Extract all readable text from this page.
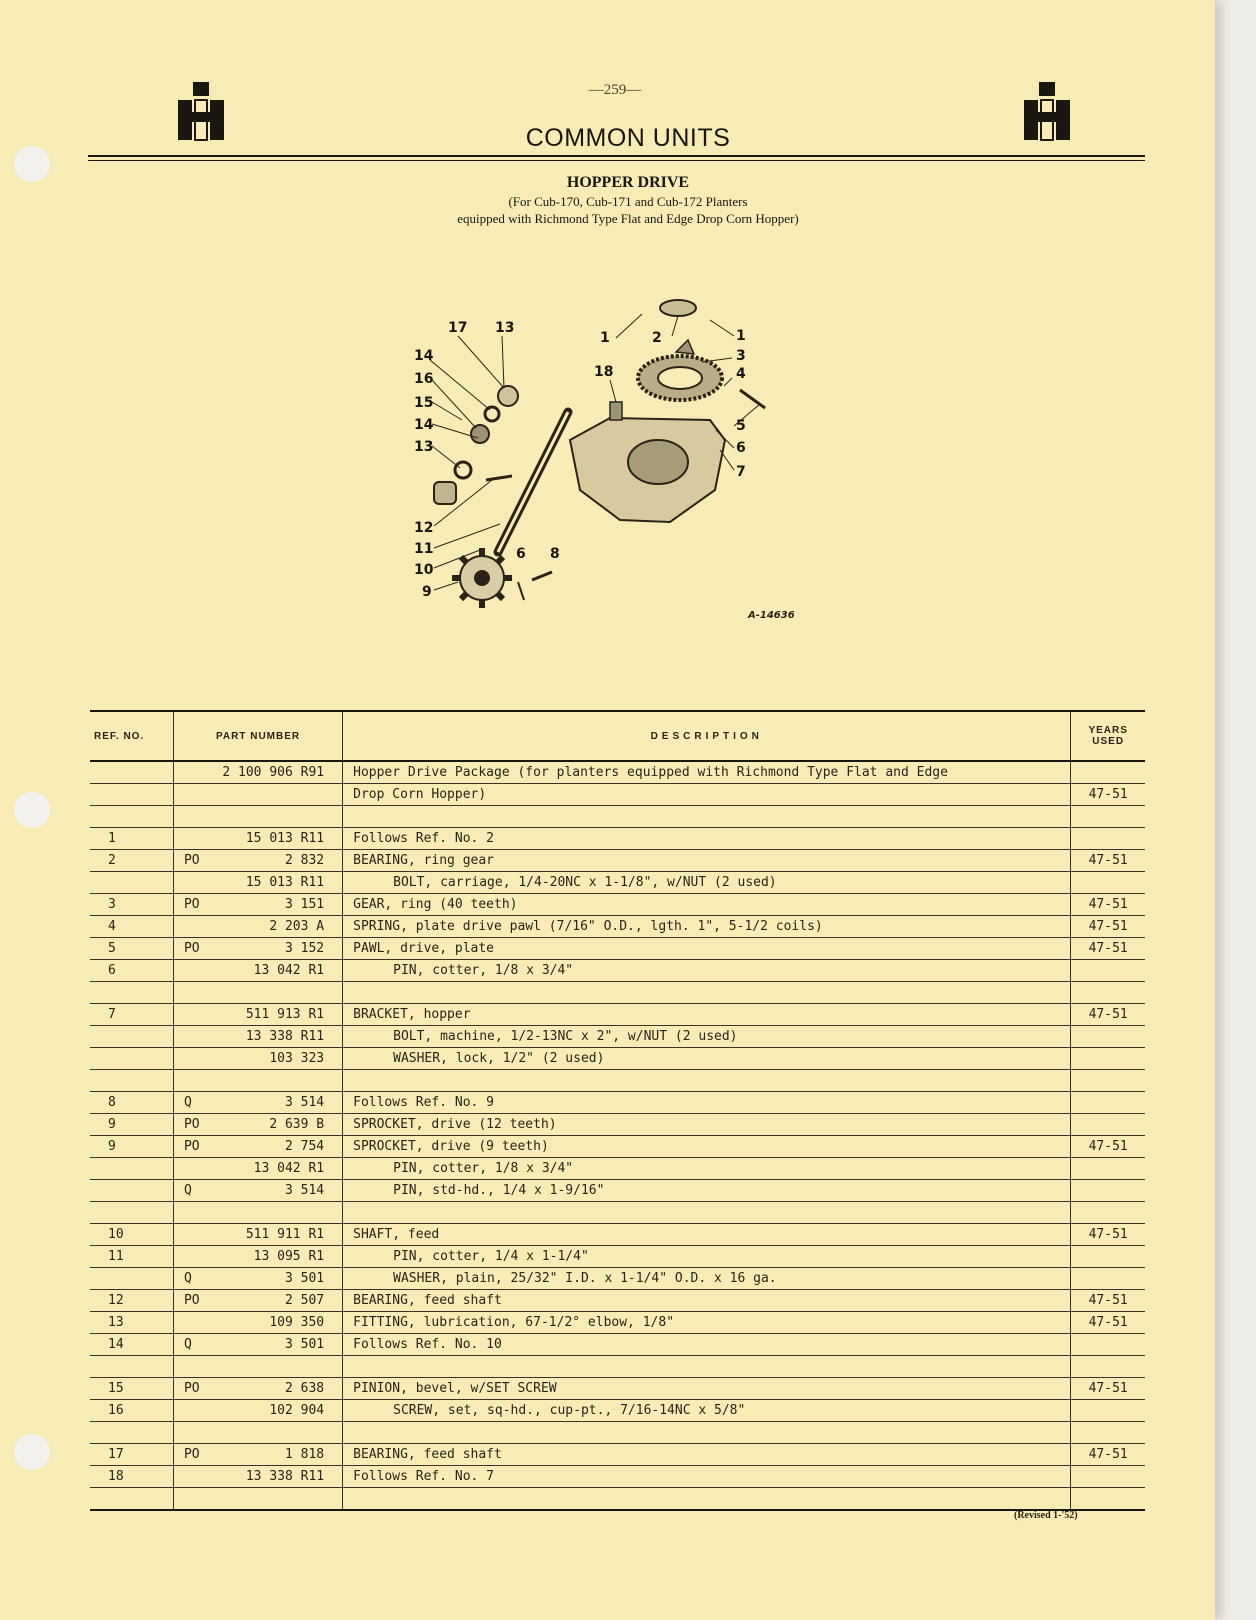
—259—
COMMON UNITS
HOPPER DRIVE
(For Cub-170, Cub-171 and Cub-172 Planters
equipped with Richmond Type Flat and Edge Drop Corn Hopper)
17 13
14
16
15
14
13
12
11
10
9
6 8
1	2	1
3
4
5
6
7
18
A-14636
REF. NO.	PART NUMBER		DESCRIPTION	YEARS USED
		2 100 906 R91	Hopper Drive Package (for planters equipped with Richmond Type Flat and Edge	
			Drop Corn Hopper)	47-51

1		15 013 R11	Follows Ref. No. 2	
2	PO	2 832	BEARING, ring gear	47-51
		15 013 R11	BOLT, carriage, 1/4-20NC x 1-1/8", w/NUT (2 used)	
3	PO	3 151	GEAR, ring (40 teeth)	47-51
4		2 203 A	SPRING, plate drive pawl (7/16" O.D., lgth. 1", 5-1/2 coils)	47-51
5	PO	3 152	PAWL, drive, plate	47-51
6		13 042 R1	PIN, cotter, 1/8 x 3/4"	

7		511 913 R1	BRACKET, hopper	47-51
		13 338 R11	BOLT, machine, 1/2-13NC x 2", w/NUT (2 used)	
		103 323	WASHER, lock, 1/2" (2 used)	

8	Q	3 514	Follows Ref. No. 9	
9	PO	2 639 B	SPROCKET, drive (12 teeth)	
9	PO	2 754	SPROCKET, drive (9 teeth)	47-51
		13 042 R1	PIN, cotter, 1/8 x 3/4"	
	Q	3 514	PIN, std-hd., 1/4 x 1-9/16"	

10		511 911 R1	SHAFT, feed	47-51
11		13 095 R1	PIN, cotter, 1/4 x 1-1/4"	
	Q	3 501	WASHER, plain, 25/32" I.D. x 1-1/4" O.D. x 16 ga.	
12	PO	2 507	BEARING, feed shaft	47-51
13		109 350	FITTING, lubrication, 67-1/2° elbow, 1/8"	47-51
14	Q	3 501	Follows Ref. No. 10	

15	PO	2 638	PINION, bevel, w/SET SCREW	47-51
16		102 904	SCREW, set, sq-hd., cup-pt., 7/16-14NC x 5/8"	

17	PO	1 818	BEARING, feed shaft	47-51
18		13 338 R11	Follows Ref. No. 7	

(Revised 1-'52)
